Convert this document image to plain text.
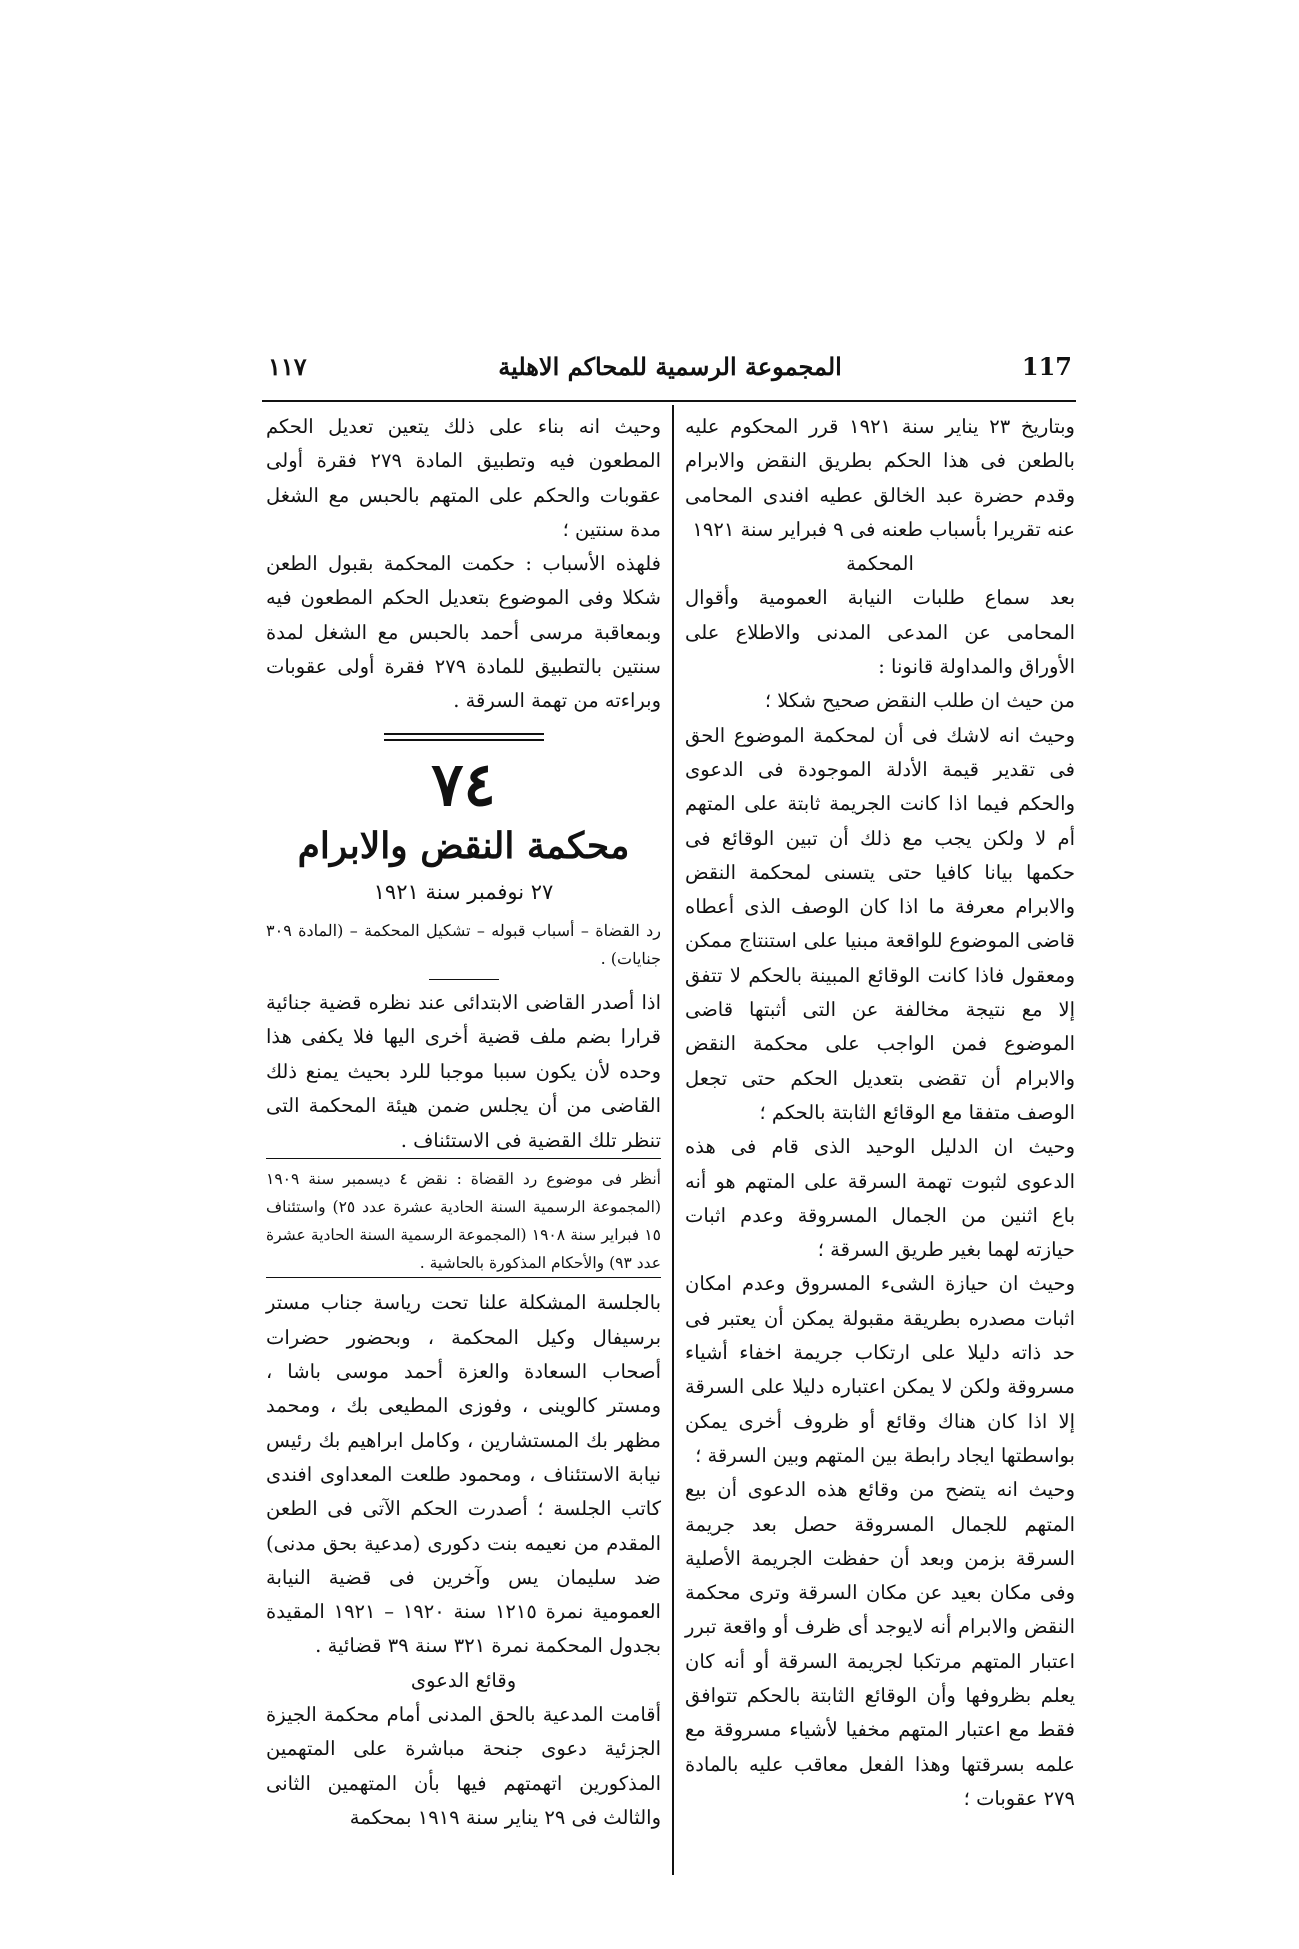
١١٧	المجموعة الرسمية للمحاكم الاهلية	117

وبتاريخ ٢٣ يناير سنة ١٩٢١ قرر المحكوم عليه بالطعن فى هذا الحكم بطريق النقض والابرام وقدم حضرة عبد الخالق عطيه افندى المحامى عنه تقريرا بأسباب طعنه فى ٩ فبراير سنة ١٩٢١

المحكمة

بعد سماع طلبات النيابة العمومية وأقوال المحامى عن المدعى المدنى والاطلاع على الأوراق والمداولة قانونا :

من حيث ان طلب النقض صحيح شكلا ؛

وحيث انه لاشك فى أن لمحكمة الموضوع الحق فى تقدير قيمة الأدلة الموجودة فى الدعوى والحكم فيما اذا كانت الجريمة ثابتة على المتهم أم لا ولكن يجب مع ذلك أن تبين الوقائع فى حكمها بيانا كافيا حتى يتسنى لمحكمة النقض والابرام معرفة ما اذا كان الوصف الذى أعطاه قاضى الموضوع للواقعة مبنيا على استنتاج ممكن ومعقول فاذا كانت الوقائع المبينة بالحكم لا تتفق إلا مع نتيجة مخالفة عن التى أثبتها قاضى الموضوع فمن الواجب على محكمة النقض والابرام أن تقضى بتعديل الحكم حتى تجعل الوصف متفقا مع الوقائع الثابتة بالحكم ؛

وحيث ان الدليل الوحيد الذى قام فى هذه الدعوى لثبوت تهمة السرقة على المتهم هو أنه باع اثنين من الجمال المسروقة وعدم اثبات حيازته لهما بغير طريق السرقة ؛

وحيث ان حيازة الشىء المسروق وعدم امكان اثبات مصدره بطريقة مقبولة يمكن أن يعتبر فى حد ذاته دليلا على ارتكاب جريمة اخفاء أشياء مسروقة ولكن لا يمكن اعتباره دليلا على السرقة إلا اذا كان هناك وقائع أو ظروف أخرى يمكن بواسطتها ايجاد رابطة بين المتهم وبين السرقة ؛

وحيث انه يتضح من وقائع هذه الدعوى أن بيع المتهم للجمال المسروقة حصل بعد جريمة السرقة بزمن وبعد أن حفظت الجريمة الأصلية وفى مكان بعيد عن مكان السرقة وترى محكمة النقض والابرام أنه لايوجد أى ظرف أو واقعة تبرر اعتبار المتهم مرتكبا لجريمة السرقة أو أنه كان يعلم بظروفها وأن الوقائع الثابتة بالحكم تتوافق فقط مع اعتبار المتهم مخفيا لأشياء مسروقة مع علمه بسرقتها وهذا الفعل معاقب عليه بالمادة ٢٧٩ عقوبات ؛

وحيث انه بناء على ذلك يتعين تعديل الحكم المطعون فيه وتطبيق المادة ٢٧٩ فقرة أولى عقوبات والحكم على المتهم بالحبس مع الشغل مدة سنتين ؛

فلهذه الأسباب : حكمت المحكمة بقبول الطعن شكلا وفى الموضوع بتعديل الحكم المطعون فيه وبمعاقبة مرسى أحمد بالحبس مع الشغل لمدة سنتين بالتطبيق للمادة ٢٧٩ فقرة أولى عقوبات وبراءته من تهمة السرقة .

٧٤
محكمة النقض والابرام
٢٧ نوفمبر سنة ١٩٢١

رد القضاة – أسباب قبوله – تشكيل المحكمة – (المادة ٣٠٩ جنايات) .

اذا أصدر القاضى الابتدائى عند نظره قضية جنائية قرارا بضم ملف قضية أخرى اليها فلا يكفى هذا وحده لأن يكون سببا موجبا للرد بحيث يمنع ذلك القاضى من أن يجلس ضمن هيئة المحكمة التى تنظر تلك القضية فى الاستئناف .

أنظر فى موضوع رد القضاة : نقض ٤ ديسمبر سنة ١٩٠٩ (المجموعة الرسمية السنة الحادية عشرة عدد ٢٥) واستئناف ١٥ فبراير سنة ١٩٠٨ (المجموعة الرسمية السنة الحادية عشرة عدد ٩٣) والأحكام المذكورة بالحاشية .

بالجلسة المشكلة علنا تحت رياسة جناب مستر برسيفال وكيل المحكمة ، وبحضور حضرات أصحاب السعادة والعزة أحمد موسى باشا ، ومستر كالوينى ، وفوزى المطيعى بك ، ومحمد مظهر بك المستشارين ، وكامل ابراهيم بك رئيس نيابة الاستئناف ، ومحمود طلعت المعداوى افندى كاتب الجلسة ؛ أصدرت الحكم الآتى فى الطعن المقدم من نعيمه بنت دكورى (مدعية بحق مدنى) ضد سليمان يس وآخرين فى قضية النيابة العمومية نمرة ١٢١٥ سنة ١٩٢٠ – ١٩٢١ المقيدة بجدول المحكمة نمرة ٣٢١ سنة ٣٩ قضائية .

وقائع الدعوى

أقامت المدعية بالحق المدنى أمام محكمة الجيزة الجزئية دعوى جنحة مباشرة على المتهمين المذكورين اتهمتهم فيها بأن المتهمين الثانى والثالث فى ٢٩ يناير سنة ١٩١٩ بمحكمة
